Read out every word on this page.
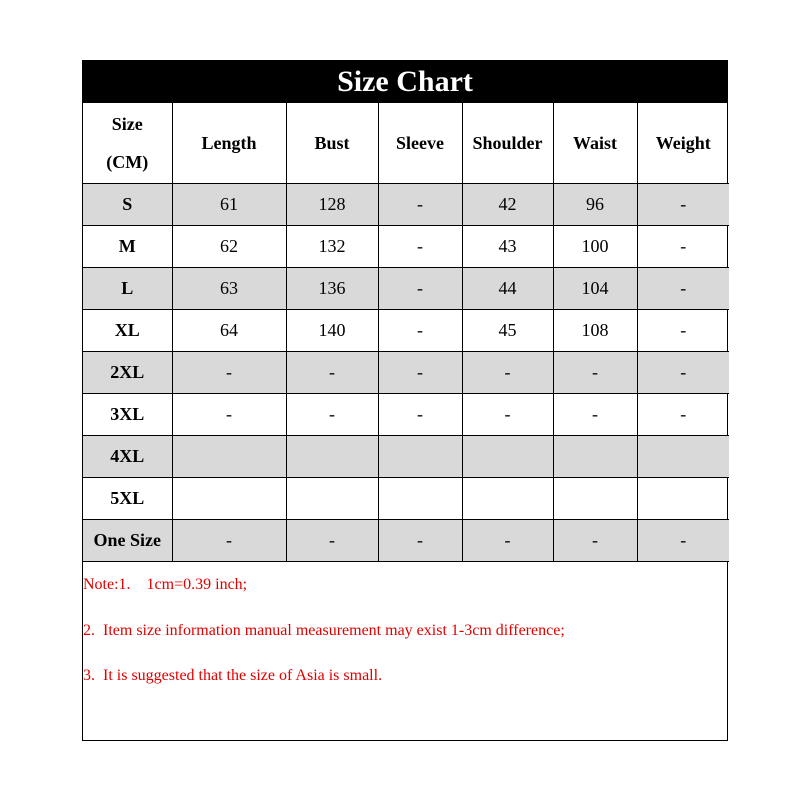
Size Chart
Size
(CM)	Length	Bust	Sleeve	Shoulder	Waist	Weight
S	61	128	-	42	96	-
M	62	132	-	43	100	-
L	63	136	-	44	104	-
XL	64	140	-	45	108	-
2XL	-	-	-	-	-	-
3XL	-	-	-	-	-	-
4XL						
5XL						
One Size	-	-	-	-	-	-
Note:1.    1cm=0.39 inch;
2.  Item size information manual measurement may exist 1-3cm difference;
3.  It is suggested that the size of Asia is small.
